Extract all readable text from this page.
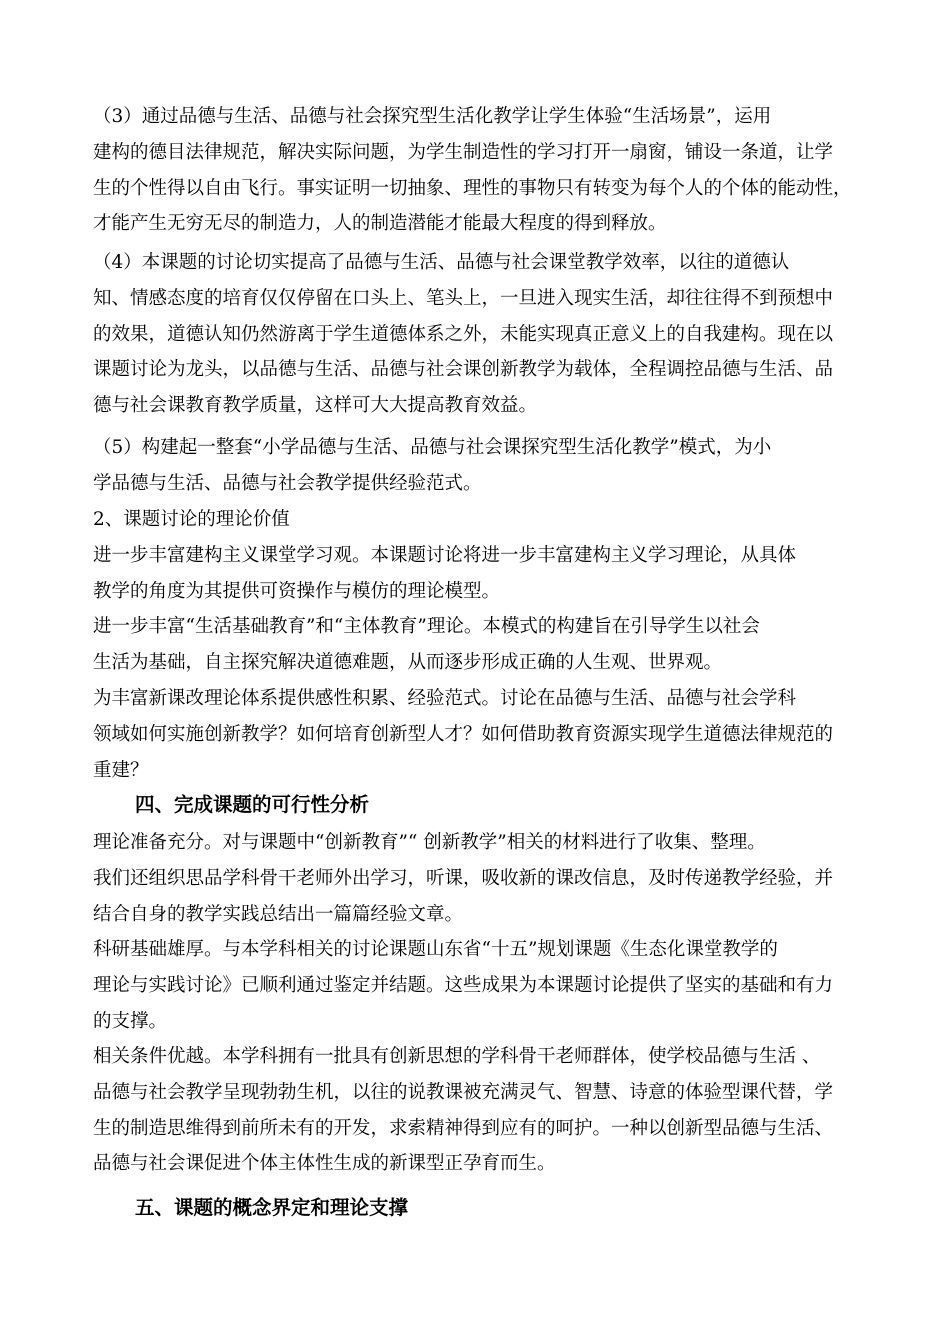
（3）通过品德与生活、品德与社会探究型生活化教学让学生体验“生活场景”，运用
建构的德目法律规范，解决实际问题，为学生制造性的学习打开一扇窗，铺设一条道，让学
生的个性得以自由飞行。事实证明一切抽象、理性的事物只有转变为每个人的个体的能动性，
才能产生无穷无尽的制造力，人的制造潜能才能最大程度的得到释放。
（4）本课题的讨论切实提高了品德与生活、品德与社会课堂教学效率，以往的道德认
知、情感态度的培育仅仅停留在口头上、笔头上，一旦进入现实生活，却往往得不到预想中
的效果，道德认知仍然游离于学生道德体系之外，未能实现真正意义上的自我建构。现在以
课题讨论为龙头，以品德与生活、品德与社会课创新教学为载体，全程调控品德与生活、品
德与社会课教育教学质量，这样可大大提高教育效益。
（5）构建起一整套“小学品德与生活、品德与社会课探究型生活化教学”模式，为小
学品德与生活、品德与社会教学提供经验范式。
2、课题讨论的理论价值
进一步丰富建构主义课堂学习观。本课题讨论将进一步丰富建构主义学习理论，从具体
教学的角度为其提供可资操作与模仿的理论模型。
进一步丰富“生活基础教育”和“主体教育”理论。本模式的构建旨在引导学生以社会
生活为基础，自主探究解决道德难题，从而逐步形成正确的人生观、世界观。
为丰富新课改理论体系提供感性积累、经验范式。讨论在品德与生活、品德与社会学科
领域如何实施创新教学？如何培育创新型人才？如何借助教育资源实现学生道德法律规范的
重建？
四、完成课题的可行性分析
理论准备充分。对与课题中“创新教育”“ 创新教学”相关的材料进行了收集、整理。
我们还组织思品学科骨干老师外出学习，听课，吸收新的课改信息，及时传递教学经验，并
结合自身的教学实践总结出一篇篇经验文章。
科研基础雄厚。与本学科相关的讨论课题山东省“十五”规划课题《生态化课堂教学的
理论与实践讨论》已顺利通过鉴定并结题。这些成果为本课题讨论提供了坚实的基础和有力
的支撑。
相关条件优越。本学科拥有一批具有创新思想的学科骨干老师群体，使学校品德与生活 、
品德与社会教学呈现勃勃生机，以往的说教课被充满灵气、智慧、诗意的体验型课代替，学
生的制造思维得到前所未有的开发，求索精神得到应有的呵护。一种以创新型品德与生活、
品德与社会课促进个体主体性生成的新课型正孕育而生。
五、课题的概念界定和理论支撑
